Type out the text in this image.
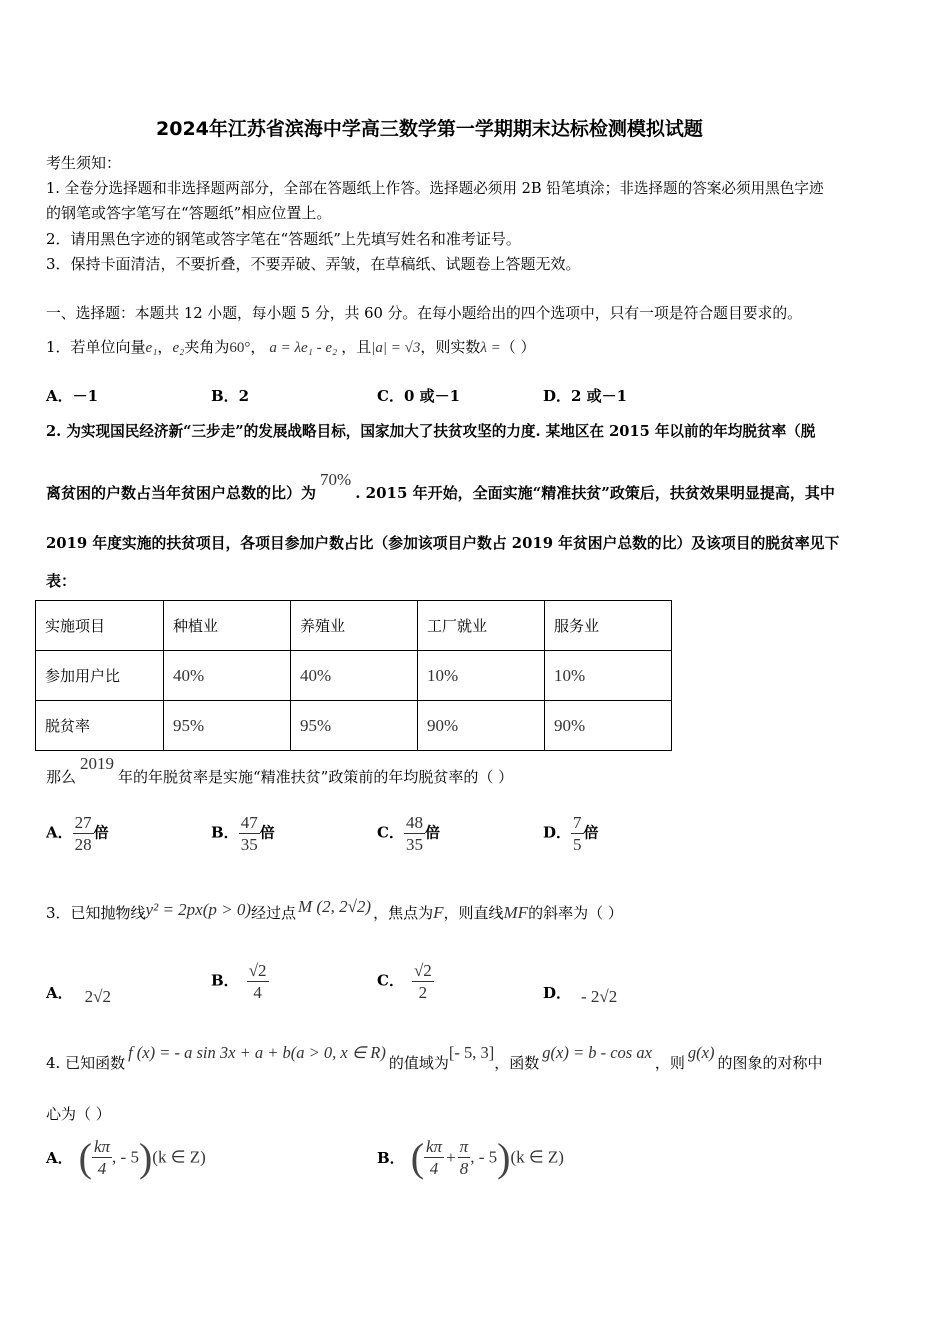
2024年江苏省滨海中学高三数学第一学期期末达标检测模拟试题
考生须知：
1. 全卷分选择题和非选择题两部分，全部在答题纸上作答。选择题必须用 2B 铅笔填涂；非选择题的答案必须用黑色字迹
的钢笔或答字笔写在“答题纸”相应位置上。
2．请用黑色字迹的钢笔或答字笔在“答题纸”上先填写姓名和准考证号。
3．保持卡面清洁，不要折叠，不要弄破、弄皱，在草稿纸、试题卷上答题无效。
一、选择题：本题共 12 小题，每小题 5 分，共 60 分。在每小题给出的四个选项中，只有一项是符合题目要求的。
1．若单位向量e₁，e₂夹角为60°， a = λe₁ - e₂ ，且|a| = √3，则实数λ =（ ）
A．－1	B．2	C．0 或－1	D．2 或－1
2. 为实现国民经济新“三步走”的发展战略目标，国家加大了扶贫攻坚的力度. 某地区在 2015 年以前的年均脱贫率（脱
离贫困的户数占当年贫困户总数的比）为70%. 2015 年开始，全面实施“精准扶贫”政策后，扶贫效果明显提高，其中
2019 年度实施的扶贫项目，各项目参加户数占比（参加该项目户数占 2019 年贫困户总数的比）及该项目的脱贫率见下
表：
实施项目	种植业	养殖业	工厂就业	服务业
参加用户比	40%	40%	10%	10%
脱贫率	95%	95%	90%	90%
那么2019年的年脱贫率是实施“精准扶贫”政策前的年均脱贫率的（ ）
A． $\frac{27}{28}$ 倍	B． $\frac{47}{35}$ 倍	C． $\frac{48}{35}$ 倍	D． $\frac{7}{5}$ 倍
3．已知抛物线y² = 2px(p > 0)经过点 M (2, 2√2) ，焦点为F，则直线MF的斜率为（ ）
A． 2√2
B． $\frac{√2}{4}$	C． $\frac{√2}{2}$	D． - 2√2
4. 已知函数f (x) = - a sin 3x + a + b(a > 0, x ∈ R)的值域为[- 5, 3]，函数g(x) = b - cos ax，则g(x)的图象的对称中
心为（ ）
A． ( $\frac{k\pi}{4}$ , - 5)(k ∈ Z)	B． ( $\frac{k\pi}{4} + \frac{\pi}{8}$ , - 5)(k ∈ Z)
